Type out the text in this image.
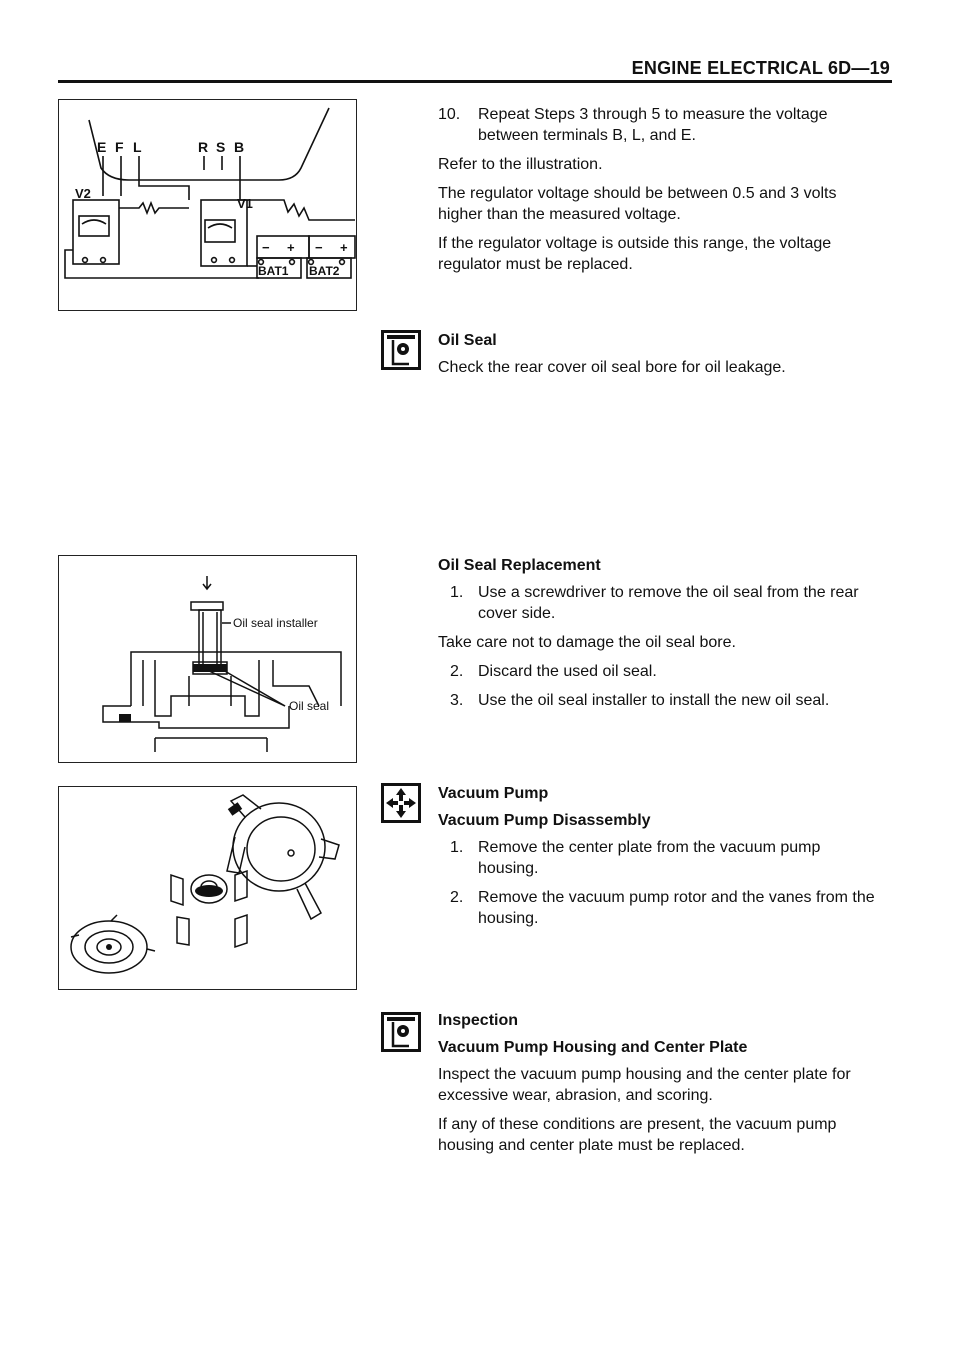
ENGINE ELECTRICAL 6D—19
E F L	R S B
V2
V1
− + − +
BAT1 BAT2
10.	Repeat Steps 3 through 5 to measure the voltage between terminals B, L, and E.

Refer to the illustration.

The regulator voltage should be between 0.5 and 3 volts higher than the measured voltage.

If the regulator voltage is outside this range, the voltage regulator must be replaced.

Oil Seal

Check the rear cover oil seal bore for oil leakage.

Oil seal installer
Oil seal
Oil Seal Replacement
1. Use a screwdriver to remove the oil seal from the rear cover side.

Take care not to damage the oil seal bore.

2. Discard the used oil seal.
3. Use the oil seal installer to install the new oil seal.
Vacuum Pump
Vacuum Pump Disassembly
1. Remove the center plate from the vacuum pump housing.
2. Remove the vacuum pump rotor and the vanes from the housing.
Inspection
Vacuum Pump Housing and Center Plate

Inspect the vacuum pump housing and the center plate for excessive wear, abrasion, and scoring.

If any of these conditions are present, the vacuum pump housing and center plate must be replaced.
